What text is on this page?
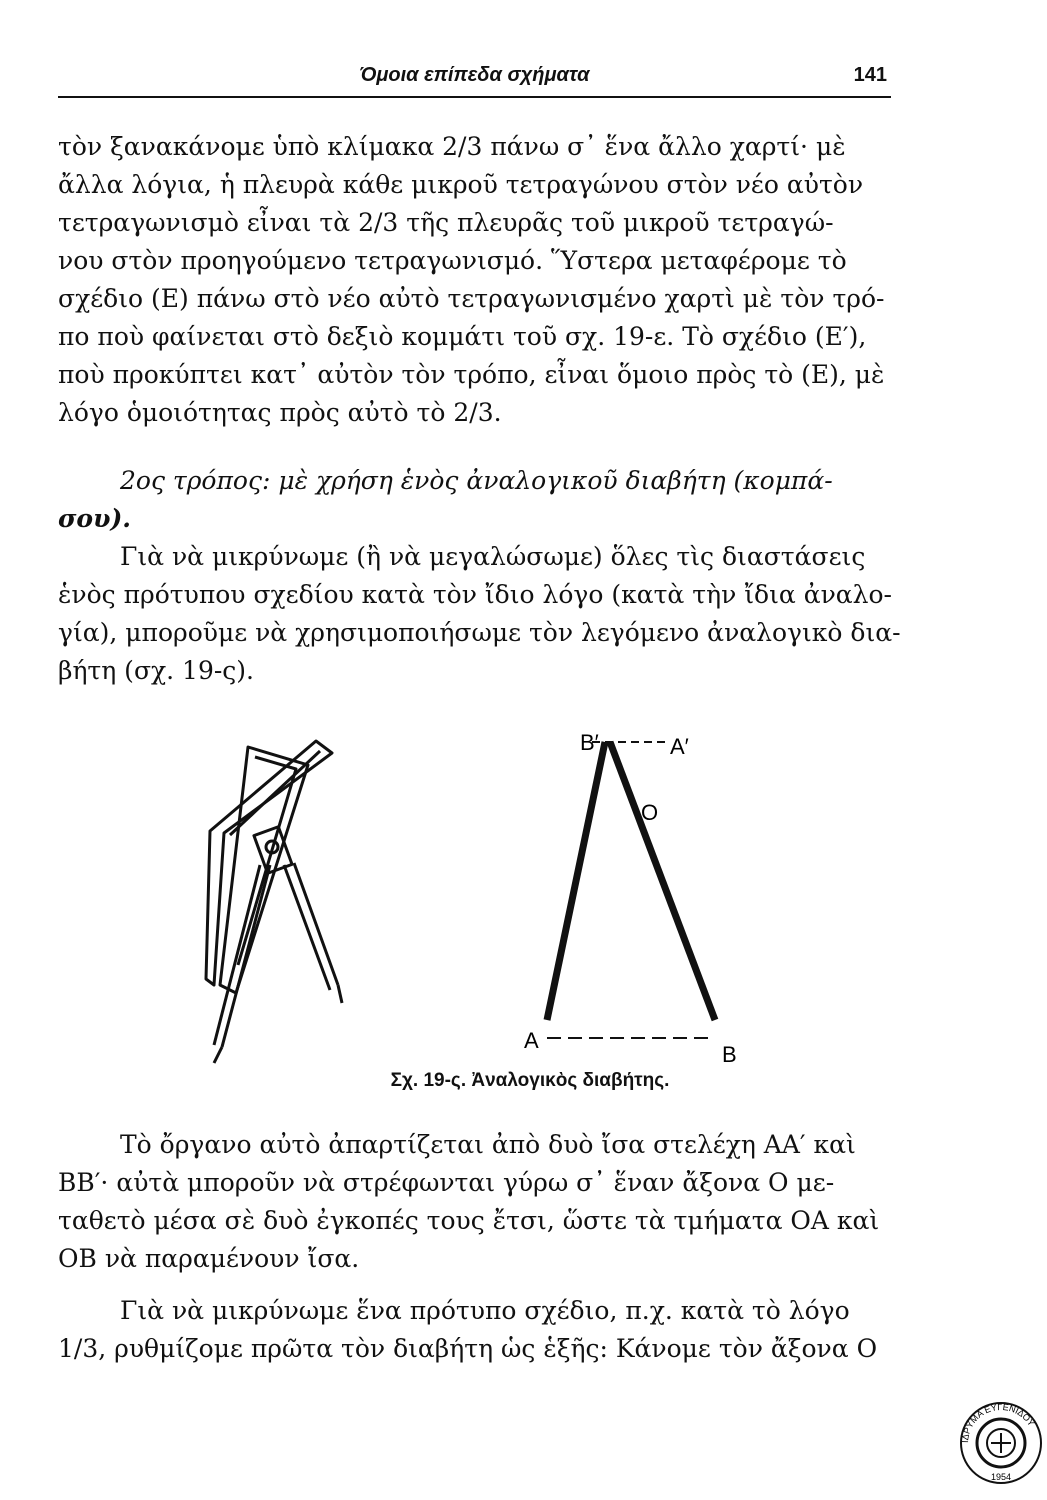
Όμοια επίπεδα σχήματα	141
τὸν ξανακάνομε ὑπὸ κλίμακα 2/3 πάνω σ᾽ ἕνα ἄλλο χαρτί· μὲ
ἄλλα λόγια, ἡ πλευρὰ κάθε μικροῦ τετραγώνου στὸν νέο αὐτὸν
τετραγωνισμὸ εἶναι τὰ 2/3 τῆς πλευρᾶς τοῦ μικροῦ τετραγώ-
νου στὸν προηγούμενο τετραγωνισμό. Ὕστερα μεταφέρομε τὸ
σχέδιο (E) πάνω στὸ νέο αὐτὸ τετραγωνισμένο χαρτὶ μὲ τὸν τρό-
πο ποὺ φαίνεται στὸ δεξιὸ κομμάτι τοῦ σχ. 19-ε. Τὸ σχέδιο (E′),
ποὺ προκύπτει κατ᾽ αὐτὸν τὸν τρόπο, εἶναι ὅμοιο πρὸς τὸ (E), μὲ
λόγο ὁμοιότητας πρὸς αὐτὸ τὸ 2/3.
2ος τρόπος: μὲ χρήση ἑνὸς ἀναλογικοῦ διαβήτη (κομπά-
σου).
Γιὰ νὰ μικρύνωμε (ἢ νὰ μεγαλώσωμε) ὅλες τὶς διαστάσεις
ἑνὸς πρότυπου σχεδίου κατὰ τὸν ἴδιο λόγο (κατὰ τὴν ἴδια ἀναλο-
γία), μποροῦμε νὰ χρησιμοποιήσωμε τὸν λεγόμενο ἀναλογικὸ δια-
βήτη (σχ. 19-ς).
B′	A′
O
A
B
Σχ. 19-ς. Ἀναλογικὸς διαβήτης.
Τὸ ὄργανο αὐτὸ ἀπαρτίζεται ἀπὸ δυὸ ἴσα στελέχη AA′ καὶ
BB′· αὐτὰ μποροῦν νὰ στρέφωνται γύρω σ᾽ ἕναν ἄξονα O με-
ταθετὸ μέσα σὲ δυὸ ἐγκοπές τους ἔτσι, ὥστε τὰ τμήματα OA καὶ
OB νὰ παραμένουν ἴσα.
Γιὰ νὰ μικρύνωμε ἕνα πρότυπο σχέδιο, π.χ. κατὰ τὸ λόγο
1/3, ρυθμίζομε πρῶτα τὸν διαβήτη ὡς ἑξῆς: Κάνομε τὸν ἄξονα O
ΙΔΡΥΜΑ ΕΥΓΕΝΙΔΟΥ
1954
